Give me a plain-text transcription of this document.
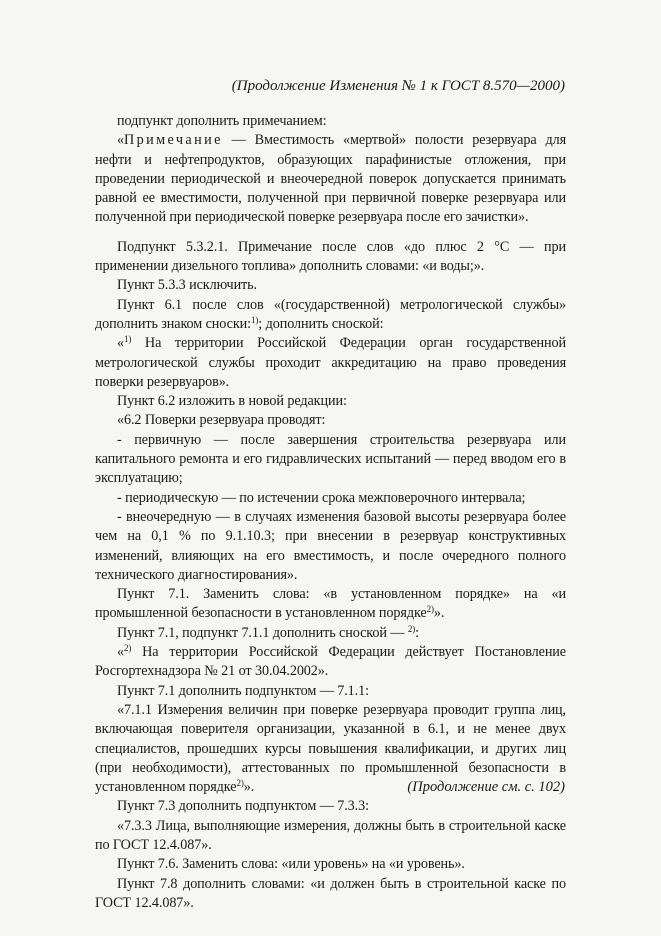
(Продолжение Изменения № 1 к ГОСТ 8.570—2000)

подпункт дополнить примечанием:

«Примечание — Вместимость «мертвой» полости резервуара для нефти и нефтепродуктов, образующих парафинистые отложения, при проведении периодической и внеочередной поверок допускается принимать равной ее вместимости, полученной при первичной поверке резервуара или полученной при периодической поверке резервуара после его зачистки».

Подпункт 5.3.2.1. Примечание после слов «до плюс 2 °С — при применении дизельного топлива» дополнить словами: «и воды;».

Пункт 5.3.3 исключить.

Пункт 6.1 после слов «(государственной) метрологической службы» дополнить знаком сноски:$^{1)}$; дополнить сноской:

«$^{1)}$ На территории Российской Федерации орган государственной метрологической службы проходит аккредитацию на право проведения поверки резервуаров».

Пункт 6.2 изложить в новой редакции:

«6.2 Поверки резервуара проводят:

- первичную — после завершения строительства резервуара или капитального ремонта и его гидравлических испытаний — перед вводом его в эксплуатацию;

- периодическую — по истечении срока межповерочного интервала;

- внеочередную — в случаях изменения базовой высоты резервуара более чем на 0,1 % по 9.1.10.3; при внесении в резервуар конструктивных изменений, влияющих на его вместимость, и после очередного полного технического диагностирования».

Пункт 7.1. Заменить слова: «в установленном порядке» на «и промышленной безопасности в установленном порядке$^{2)}$».

Пункт 7.1, подпункт 7.1.1 дополнить сноской — $^{2)}$:

«$^{2)}$ На территории Российской Федерации действует Постановление Росгортехнадзора № 21 от 30.04.2002».

Пункт 7.1 дополнить подпунктом — 7.1.1:

«7.1.1 Измерения величин при поверке резервуара проводит группа лиц, включающая поверителя организации, указанной в 6.1, и не менее двух специалистов, прошедших курсы повышения квалификации, и других лиц (при необходимости), аттестованных по промышленной безопасности в установленном порядке$^{2)}$».

Пункт 7.3 дополнить подпунктом — 7.3.3:

«7.3.3 Лица, выполняющие измерения, должны быть в строительной каске по ГОСТ 12.4.087».

Пункт 7.6. Заменить слова: «или уровень» на «и уровень».

Пункт 7.8 дополнить словами: «и должен быть в строительной каске по ГОСТ 12.4.087».

(Продолжение см. с. 102)
